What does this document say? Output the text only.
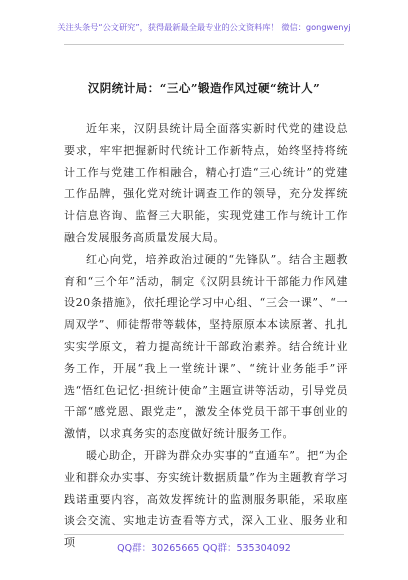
关注头条号“公文研究”，获得最新最全最专业的公文资料库！ 微信：gongwenyj
汉阴统计局：“三心”锻造作风过硬“统计人”

近年来，汉阴县统计局全面落实新时代党的建设总要求，牢牢把握新时代统计工作新特点，始终坚持将统计工作与党建工作相融合，精心打造“三心统计”的党建工作品牌，强化党对统计调查工作的领导，充分发挥统计信息咨询、监督三大职能，实现党建工作与统计工作融合发展服务高质量发展大局。

红心向党，培养政治过硬的“先锋队”。结合主题教育和“三个年”活动，制定《汉阴县统计干部能力作风建设20条措施》，依托理论学习中心组、“三会一课”、“一周双学”、师徒帮带等载体，坚持原原本本读原著、扎扎实实学原文，着力提高统计干部政治素养。结合统计业务工作，开展“我上一堂统计课”、“统计业务能手”评选“悟红色记忆·担统计使命”主题宣讲等活动，引导党员干部“感党恩、跟党走”，激发全体党员干部干事创业的激情，以求真务实的态度做好统计服务工作。

暖心助企，开辟为群众办实事的“直通车”。把“为企业和群众办实事、夯实统计数据质量”作为主题教育学习践诺重要内容，高效发挥统计的监测服务职能，采取座谈会交流、实地走访查看等方式，深入工业、服务业和项	QQ群：30265665 QQ群：535304092
